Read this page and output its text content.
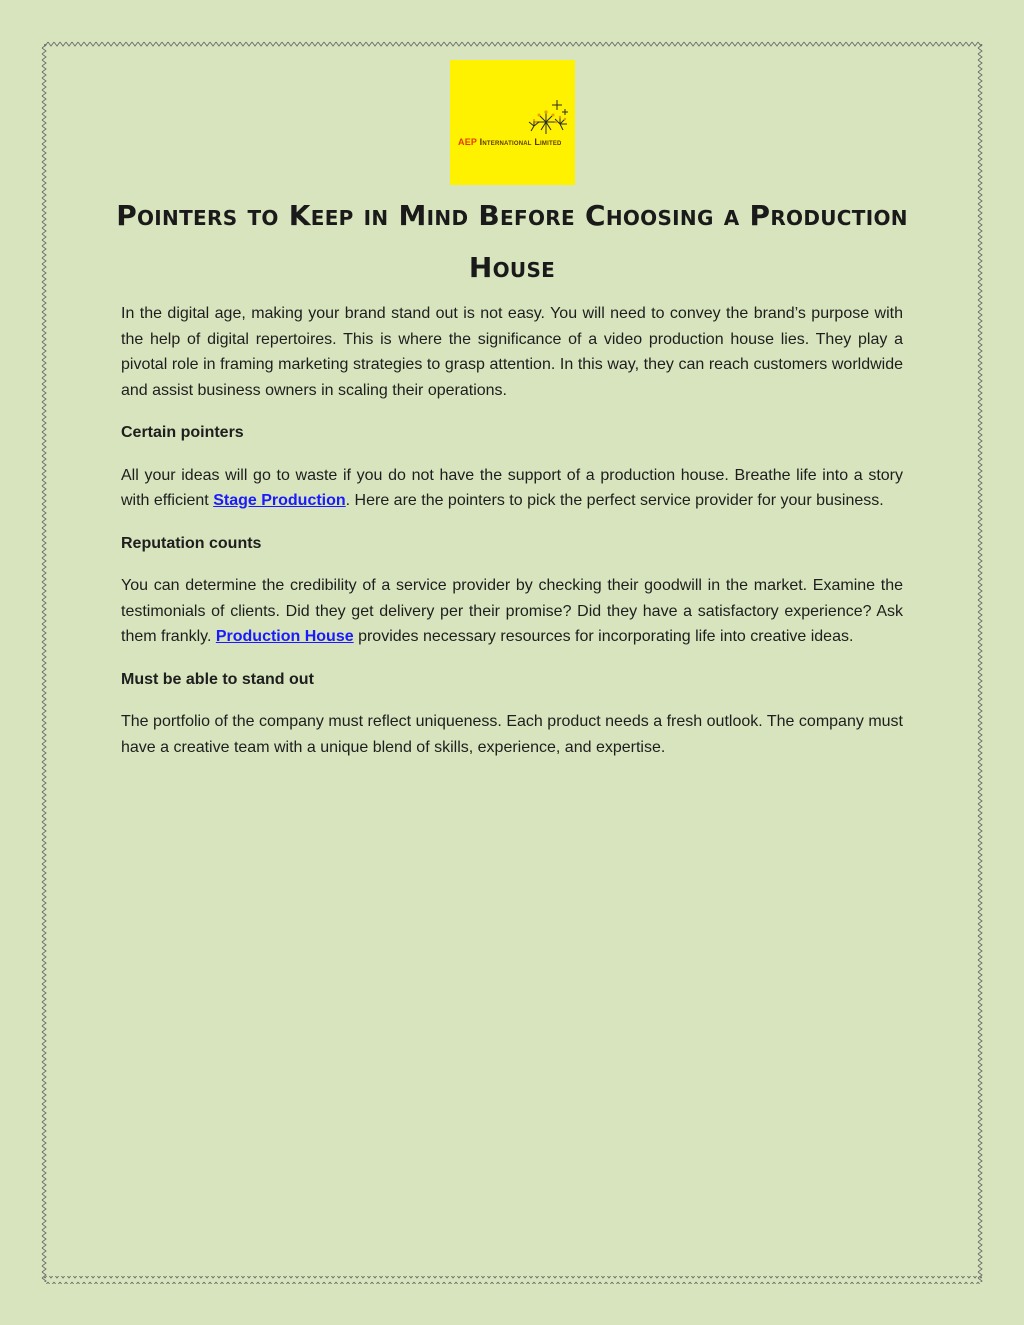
AEP International Limited
Pointers to Keep in Mind Before Choosing a Production House

In the digital age, making your brand stand out is not easy. You will need to convey the brand’s purpose with the help of digital repertoires. This is where the significance of a video production house lies. They play a pivotal role in framing marketing strategies to grasp attention. In this way, they can reach customers worldwide and assist business owners in scaling their operations.

Certain pointers

All your ideas will go to waste if you do not have the support of a production house. Breathe life into a story with efficient Stage Production. Here are the pointers to pick the perfect service provider for your business.

Reputation counts

You can determine the credibility of a service provider by checking their goodwill in the market. Examine the testimonials of clients. Did they get delivery per their promise? Did they have a satisfactory experience? Ask them frankly. Production House provides necessary resources for incorporating life into creative ideas.

Must be able to stand out

The portfolio of the company must reflect uniqueness. Each product needs a fresh outlook. The company must have a creative team with a unique blend of skills, experience, and expertise.
